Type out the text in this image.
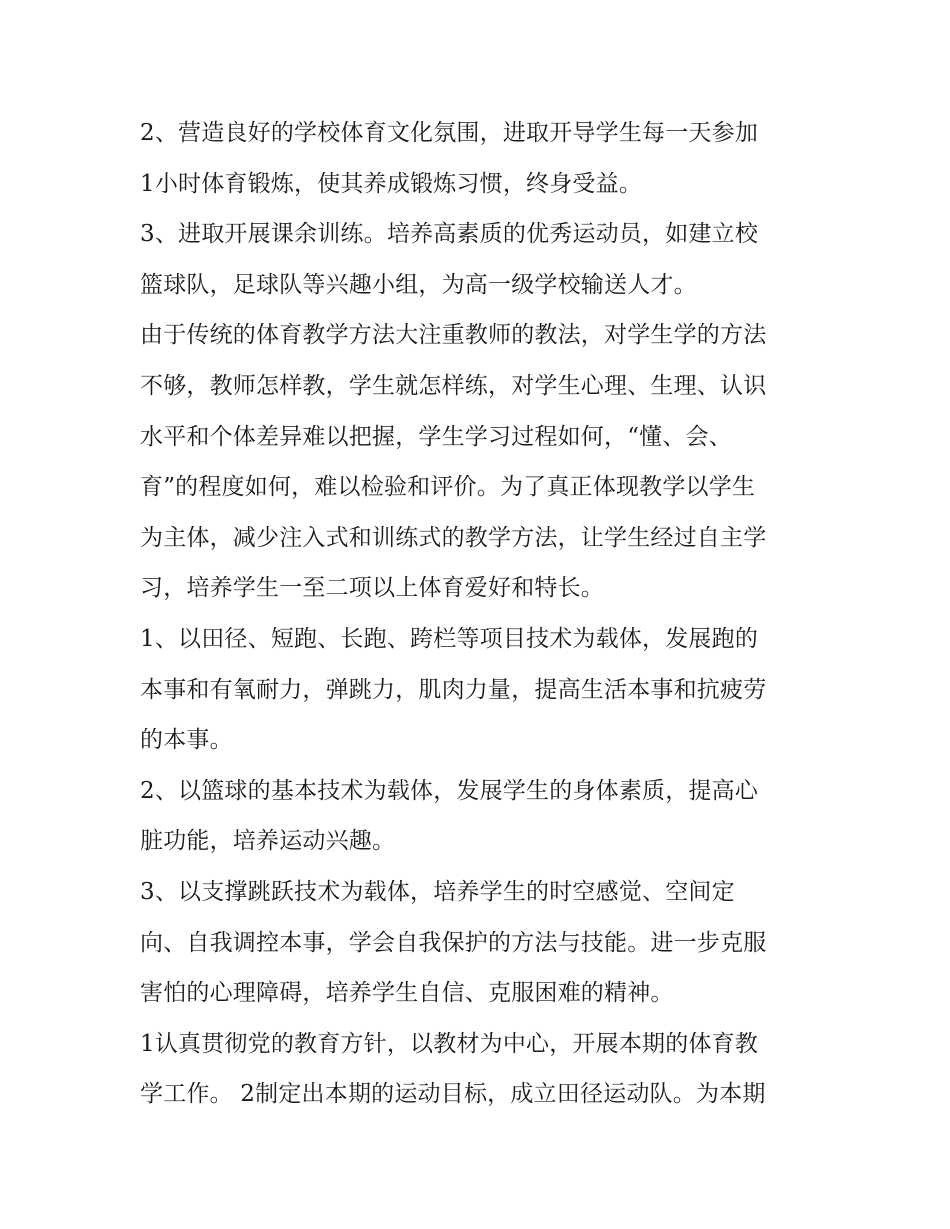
2、营造良好的学校体育文化氛围，进取开导学生每一天参加
1小时体育锻炼，使其养成锻炼习惯，终身受益。
3、进取开展课余训练。培养高素质的优秀运动员，如建立校
篮球队，足球队等兴趣小组，为高一级学校输送人才。
由于传统的体育教学方法大注重教师的教法，对学生学的方法
不够，教师怎样教，学生就怎样练，对学生心理、生理、认识
水平和个体差异难以把握，学生学习过程如何，“懂、会、
育”的程度如何，难以检验和评价。为了真正体现教学以学生
为主体，减少注入式和训练式的教学方法，让学生经过自主学
习，培养学生一至二项以上体育爱好和特长。
1、以田径、短跑、长跑、跨栏等项目技术为载体，发展跑的
本事和有氧耐力，弹跳力，肌肉力量，提高生活本事和抗疲劳
的本事。
2、以篮球的基本技术为载体，发展学生的身体素质，提高心
脏功能，培养运动兴趣。
3、以支撑跳跃技术为载体，培养学生的时空感觉、空间定
向、自我调控本事，学会自我保护的方法与技能。进一步克服
害怕的心理障碍，培养学生自信、克服困难的精神。
1认真贯彻党的教育方针，以教材为中心，开展本期的体育教
学工作。 2制定出本期的运动目标，成立田径运动队。为本期
